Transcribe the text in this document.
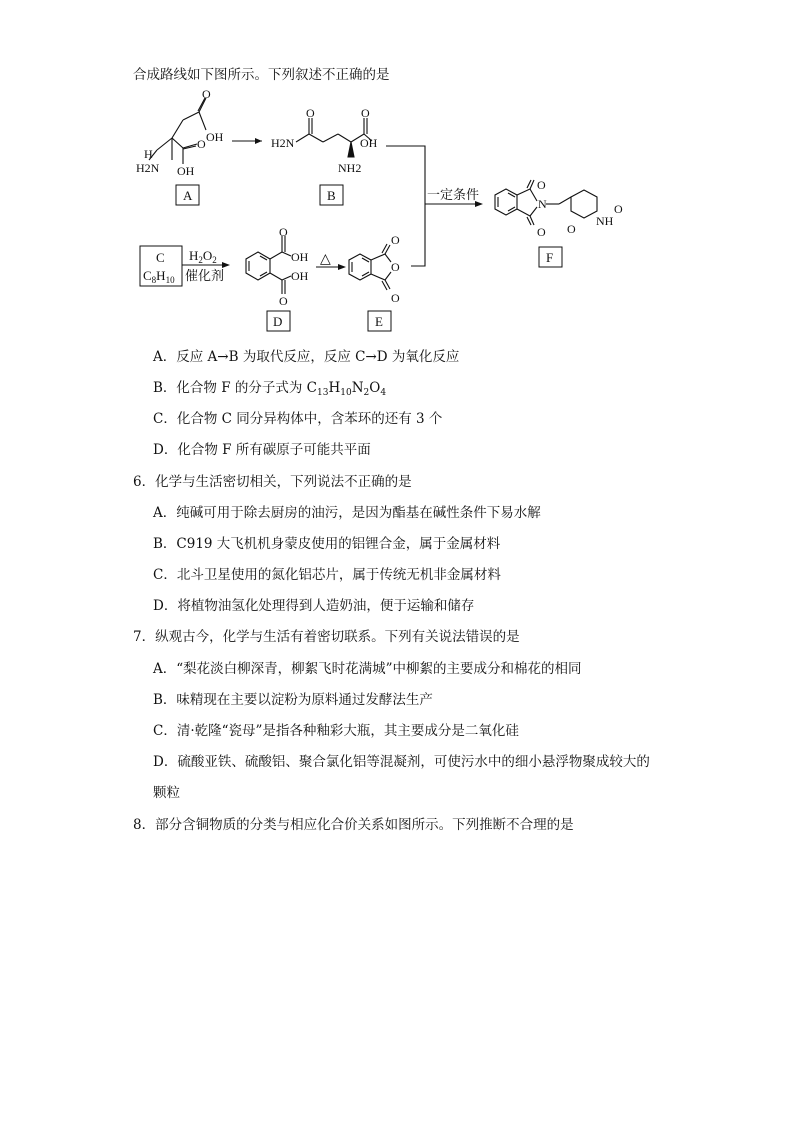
合成路线如下图所示。下列叙述不正确的是
O
OH
H
O
H2N OH
A
H2N
O	O
OH
NH2
B	一定条件
O
N
O
NH
O
O
F
C
$C_8H_{10}$
$H_2O_2$
催化剂
O
OH
OH
O
D
△
O
O
O
E
A．反应 A→B 为取代反应，反应 C→D 为氧化反应
B．化合物 F 的分子式为 $C_{13}H_{10}N_2O_4$
C．化合物 C 同分异构体中，含苯环的还有 3 个
D．化合物 F 所有碳原子可能共平面
6．化学与生活密切相关，下列说法不正确的是
A．纯碱可用于除去厨房的油污，是因为酯基在碱性条件下易水解
B．C919 大飞机机身蒙皮使用的铝锂合金，属于金属材料
C．北斗卫星使用的氮化铝芯片，属于传统无机非金属材料
D．将植物油氢化处理得到人造奶油，便于运输和储存
7．纵观古今，化学与生活有着密切联系。下列有关说法错误的是
A．“梨花淡白柳深青，柳絮飞时花满城”中柳絮的主要成分和棉花的相同
B．味精现在主要以淀粉为原料通过发酵法生产
C．清·乾隆“瓷母”是指各种釉彩大瓶，其主要成分是二氧化硅
D．硫酸亚铁、硫酸铝、聚合氯化铝等混凝剂，可使污水中的细小悬浮物聚成较大的
颗粒
8．部分含铜物质的分类与相应化合价关系如图所示。下列推断不合理的是
